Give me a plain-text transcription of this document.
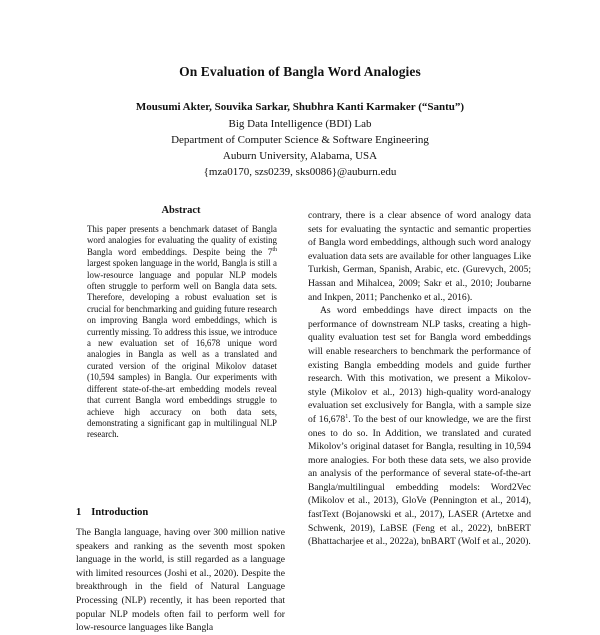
On Evaluation of Bangla Word Analogies
Mousumi Akter, Souvika Sarkar, Shubhra Kanti Karmaker (“Santu”)
Big Data Intelligence (BDI) Lab
Department of Computer Science & Software Engineering
Auburn University, Alabama, USA
{mza0170, szs0239, sks0086}@auburn.edu
Abstract

This paper presents a benchmark dataset of Bangla word analogies for evaluating the quality of existing Bangla word embeddings. Despite being the 7th largest spoken language in the world, Bangla is still a low-resource language and popular NLP models often struggle to perform well on Bangla data sets. Therefore, developing a robust evaluation set is crucial for benchmarking and guiding future research on improving Bangla word embeddings, which is currently missing. To address this issue, we introduce a new evaluation set of 16,678 unique word analogies in Bangla as well as a translated and curated version of the original Mikolov dataset (10,594 samples) in Bangla. Our experiments with different state-of-the-art embedding models reveal that current Bangla word embeddings struggle to achieve high accuracy on both data sets, demonstrating a significant gap in multilingual NLP research.

1 Introduction

The Bangla language, having over 300 million native speakers and ranking as the seventh most spoken language in the world, is still regarded as a language with limited resources (Joshi et al., 2020). Despite the breakthrough in the field of Natural Language Processing (NLP) recently, it has been reported that popular NLP models often fail to perform well for low-resource languages like Bangla

contrary, there is a clear absence of word analogy data sets for evaluating the syntactic and semantic properties of Bangla word embeddings, although such word analogy evaluation data sets are available for other languages Like Turkish, German, Spanish, Arabic, etc. (Gurevych, 2005; Hassan and Mihalcea, 2009; Sakr et al., 2010; Joubarne and Inkpen, 2011; Panchenko et al., 2016).

As word embeddings have direct impacts on the performance of downstream NLP tasks, creating a high-quality evaluation test set for Bangla word embeddings will enable researchers to benchmark the performance of existing Bangla embedding models and guide further research. With this motivation, we present a Mikolov-style (Mikolov et al., 2013) high-quality word-analogy evaluation set exclusively for Bangla, with a sample size of 16,678$^1$. To the best of our knowledge, we are the first ones to do so. In Addition, we translated and curated Mikolov’s original dataset for Bangla, resulting in 10,594 more analogies. For both these data sets, we also provide an analysis of the performance of several state-of-the-art Bangla/multilingual embedding models: Word2Vec (Mikolov et al., 2013), GloVe (Pennington et al., 2014), fastText (Bojanowski et al., 2017), LASER (Artetxe and Schwenk, 2019), LaBSE (Feng et al., 2022), bnBERT (Bhattacharjee et al., 2022a), bnBART (Wolf et al., 2020).
